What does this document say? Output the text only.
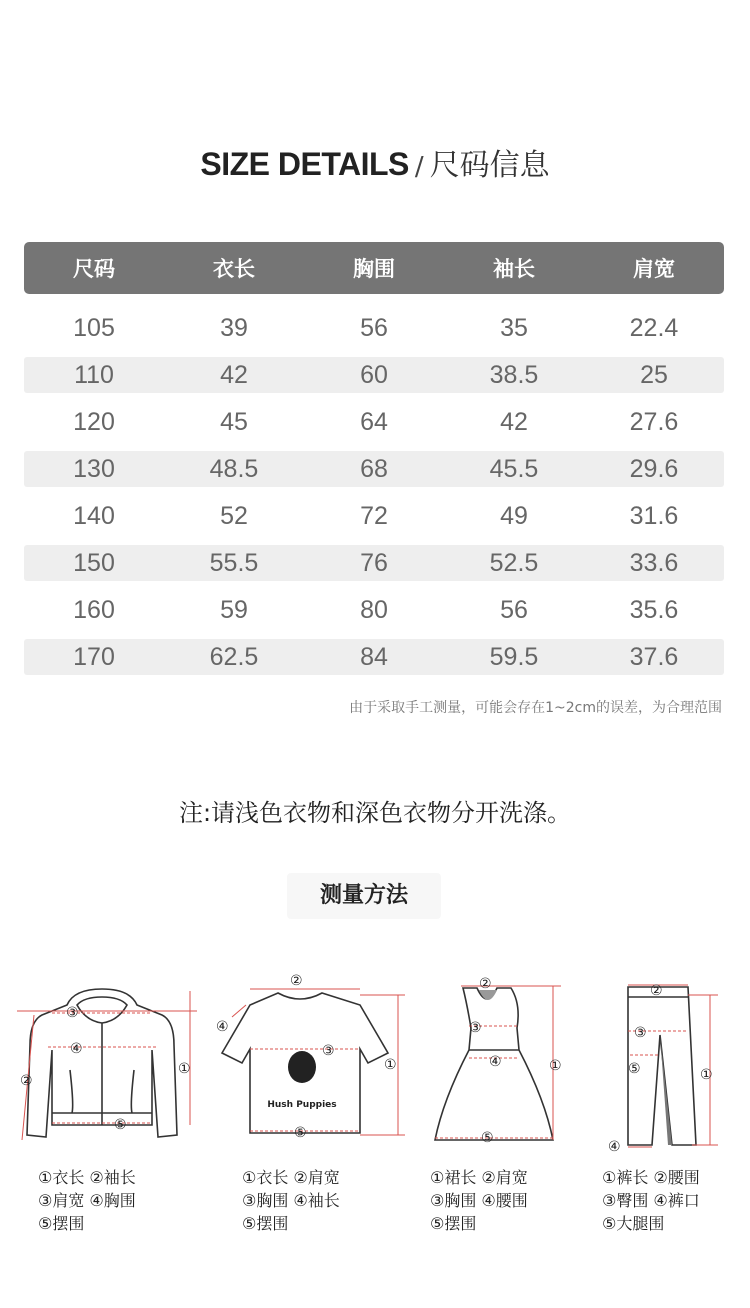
SIZE DETAILS / 尺码信息
尺码	衣长	胸围	袖长	肩宽
105	39	56	35	22.4
110	42	60	38.5	25
120	45	64	42	27.6
130	48.5	68	45.5	29.6
140	52	72	49	31.6
150	55.5	76	52.5	33.6
160	59	80	56	35.6
170	62.5	84	59.5	37.6
由于采取手工测量，可能会存在1~2cm的误差，为合理范围
注:请浅色衣物和深色衣物分开洗涤。
测量方法
③
④
②
①
⑤
①衣长 ②袖长
③肩宽 ④胸围
⑤摆围
Hush Puppies
②
③
④
①
⑤
①衣长 ②肩宽
③胸围 ④袖长
⑤摆围
②
③
④	①
⑤
①裙长 ②肩宽
③胸围 ④腰围
⑤摆围
②
③
⑤	①
④
①裤长 ②腰围
③臀围 ④裤口
⑤大腿围
